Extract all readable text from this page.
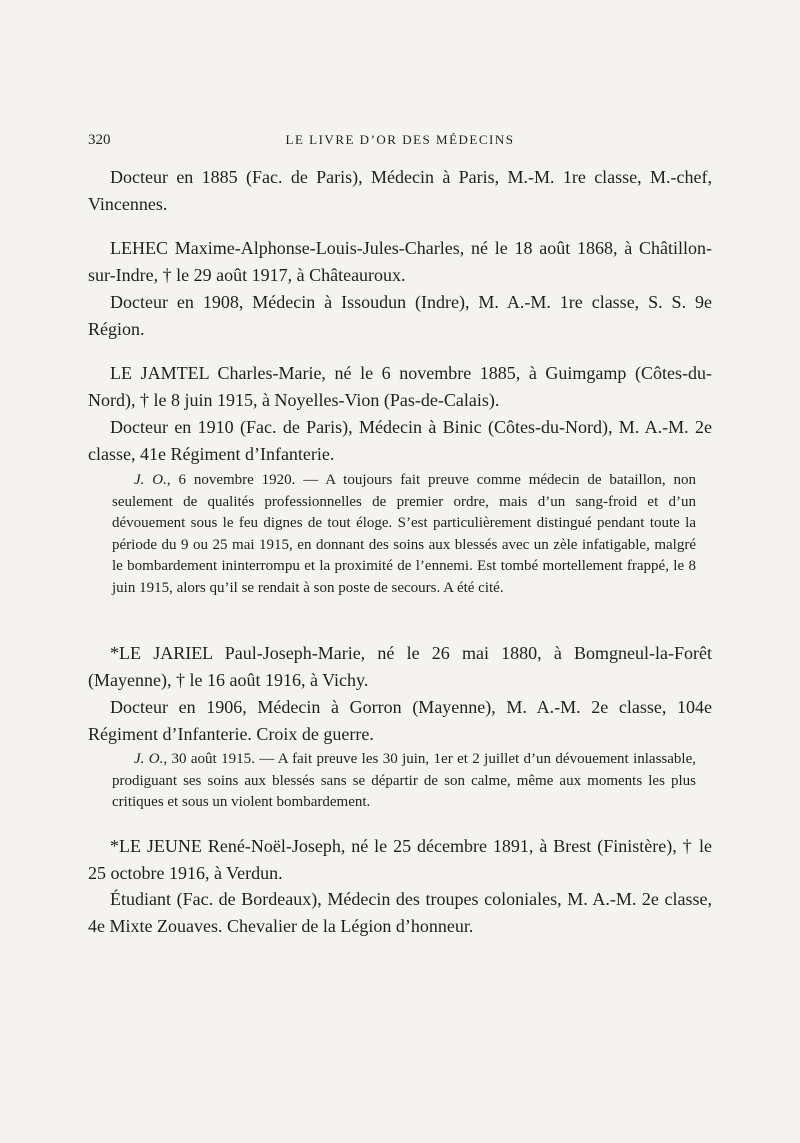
320	LE LIVRE D’OR DES MÉDECINS

Docteur en 1885 (Fac. de Paris), Médecin à Paris, M.-M. 1re classe, M.-chef, Vincennes.

LEHEC Maxime-Alphonse-Louis-Jules-Charles, né le 18 août 1868, à Châtillon-sur-Indre, † le 29 août 1917, à Châteauroux.

Docteur en 1908, Médecin à Issoudun (Indre), M. A.-M. 1re classe, S. S. 9e Région.

LE JAMTEL Charles-Marie, né le 6 novembre 1885, à Guimgamp (Côtes-du-Nord), † le 8 juin 1915, à Noyelles-Vion (Pas-de-Calais).

Docteur en 1910 (Fac. de Paris), Médecin à Binic (Côtes-du-Nord), M. A.-M. 2e classe, 41e Régiment d’Infanterie.

J. O., 6 novembre 1920. — A toujours fait preuve comme médecin de bataillon, non seulement de qualités professionnelles de premier ordre, mais d’un sang-froid et d’un dévouement sous le feu dignes de tout éloge. S’est particulièrement distingué pendant toute la période du 9 ou 25 mai 1915, en donnant des soins aux blessés avec un zèle infatigable, malgré le bombardement ininterrompu et la proximité de l’ennemi. Est tombé mortellement frappé, le 8 juin 1915, alors qu’il se rendait à son poste de secours. A été cité.

*LE JARIEL Paul-Joseph-Marie, né le 26 mai 1880, à Bomgneul-la-Forêt (Mayenne), † le 16 août 1916, à Vichy.

Docteur en 1906, Médecin à Gorron (Mayenne), M. A.-M. 2e classe, 104e Régiment d’Infanterie. Croix de guerre.

J. O., 30 août 1915. — A fait preuve les 30 juin, 1er et 2 juillet d’un dévouement inlassable, prodiguant ses soins aux blessés sans se départir de son calme, même aux moments les plus critiques et sous un violent bombardement.

*LE JEUNE René-Noël-Joseph, né le 25 décembre 1891, à Brest (Finistère), † le 25 octobre 1916, à Verdun.

Étudiant (Fac. de Bordeaux), Médecin des troupes coloniales, M. A.-M. 2e classe, 4e Mixte Zouaves. Chevalier de la Légion d’honneur.
